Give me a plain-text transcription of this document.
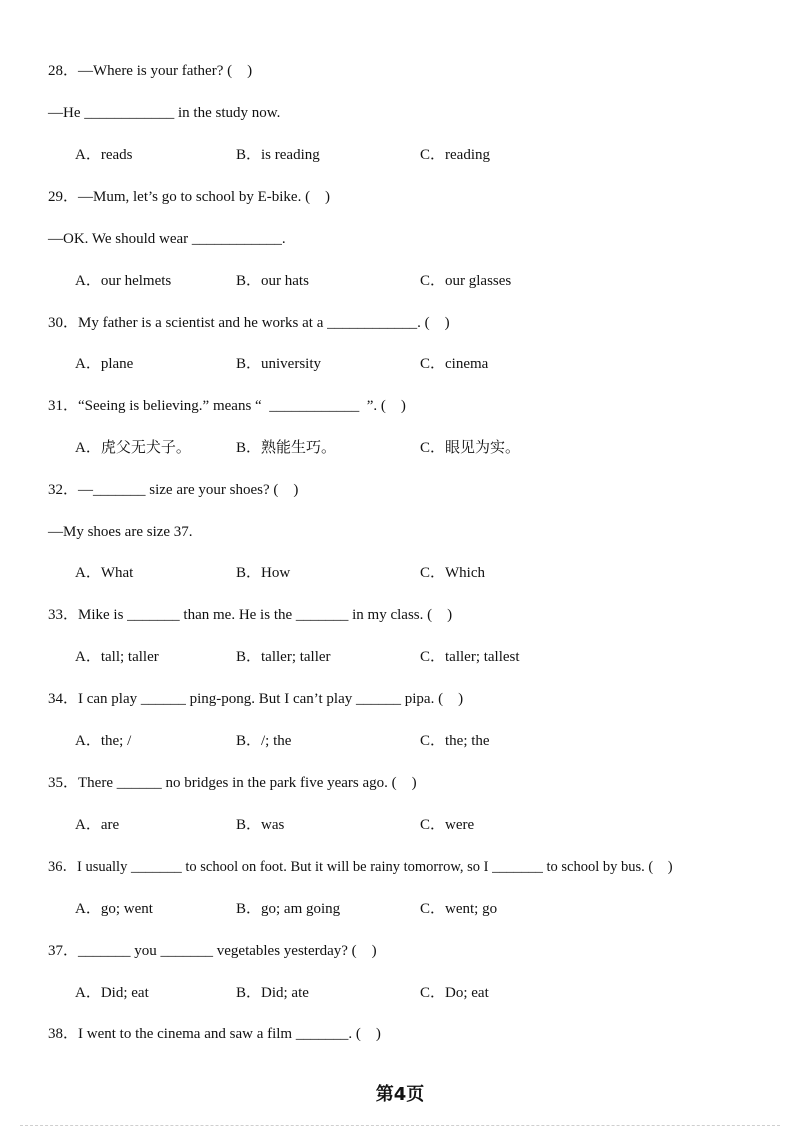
28．—Where is your father? (    )
—He ____________ in the study now.
A．reads	B．is reading	C．reading
29．—Mum, let’s go to school by E-bike. (    )
—OK. We should wear ____________.
A．our helmets	B．our hats	C．our glasses
30．My father is a scientist and he works at a ____________. (    )
A．plane	B．university	C．cinema
31．“Seeing is believing.” means “  ____________  ”. (    )
A．虎父无犬子。	B．熟能生巧。	C．眼见为实。
32．—_______ size are your shoes? (    )
—My shoes are size 37.
A．What	B．How	C．Which
33．Mike is _______ than me. He is the _______ in my class. (    )
A．tall; taller	B．taller; taller	C．taller; tallest
34．I can play ______ ping-pong. But I can’t play ______ pipa. (    )
A．the; /	B．/; the	C．the; the
35．There ______ no bridges in the park five years ago. (    )
A．are	B．was	C．were
36．I usually _______ to school on foot. But it will be rainy tomorrow, so I _______ to school by bus. (    )
A．go; went	B．go; am going	C．went; go
37．_______ you _______ vegetables yesterday? (    )
A．Did; eat	B．Did; ate	C．Do; eat
38．I went to the cinema and saw a film _______. (    )
第4页
